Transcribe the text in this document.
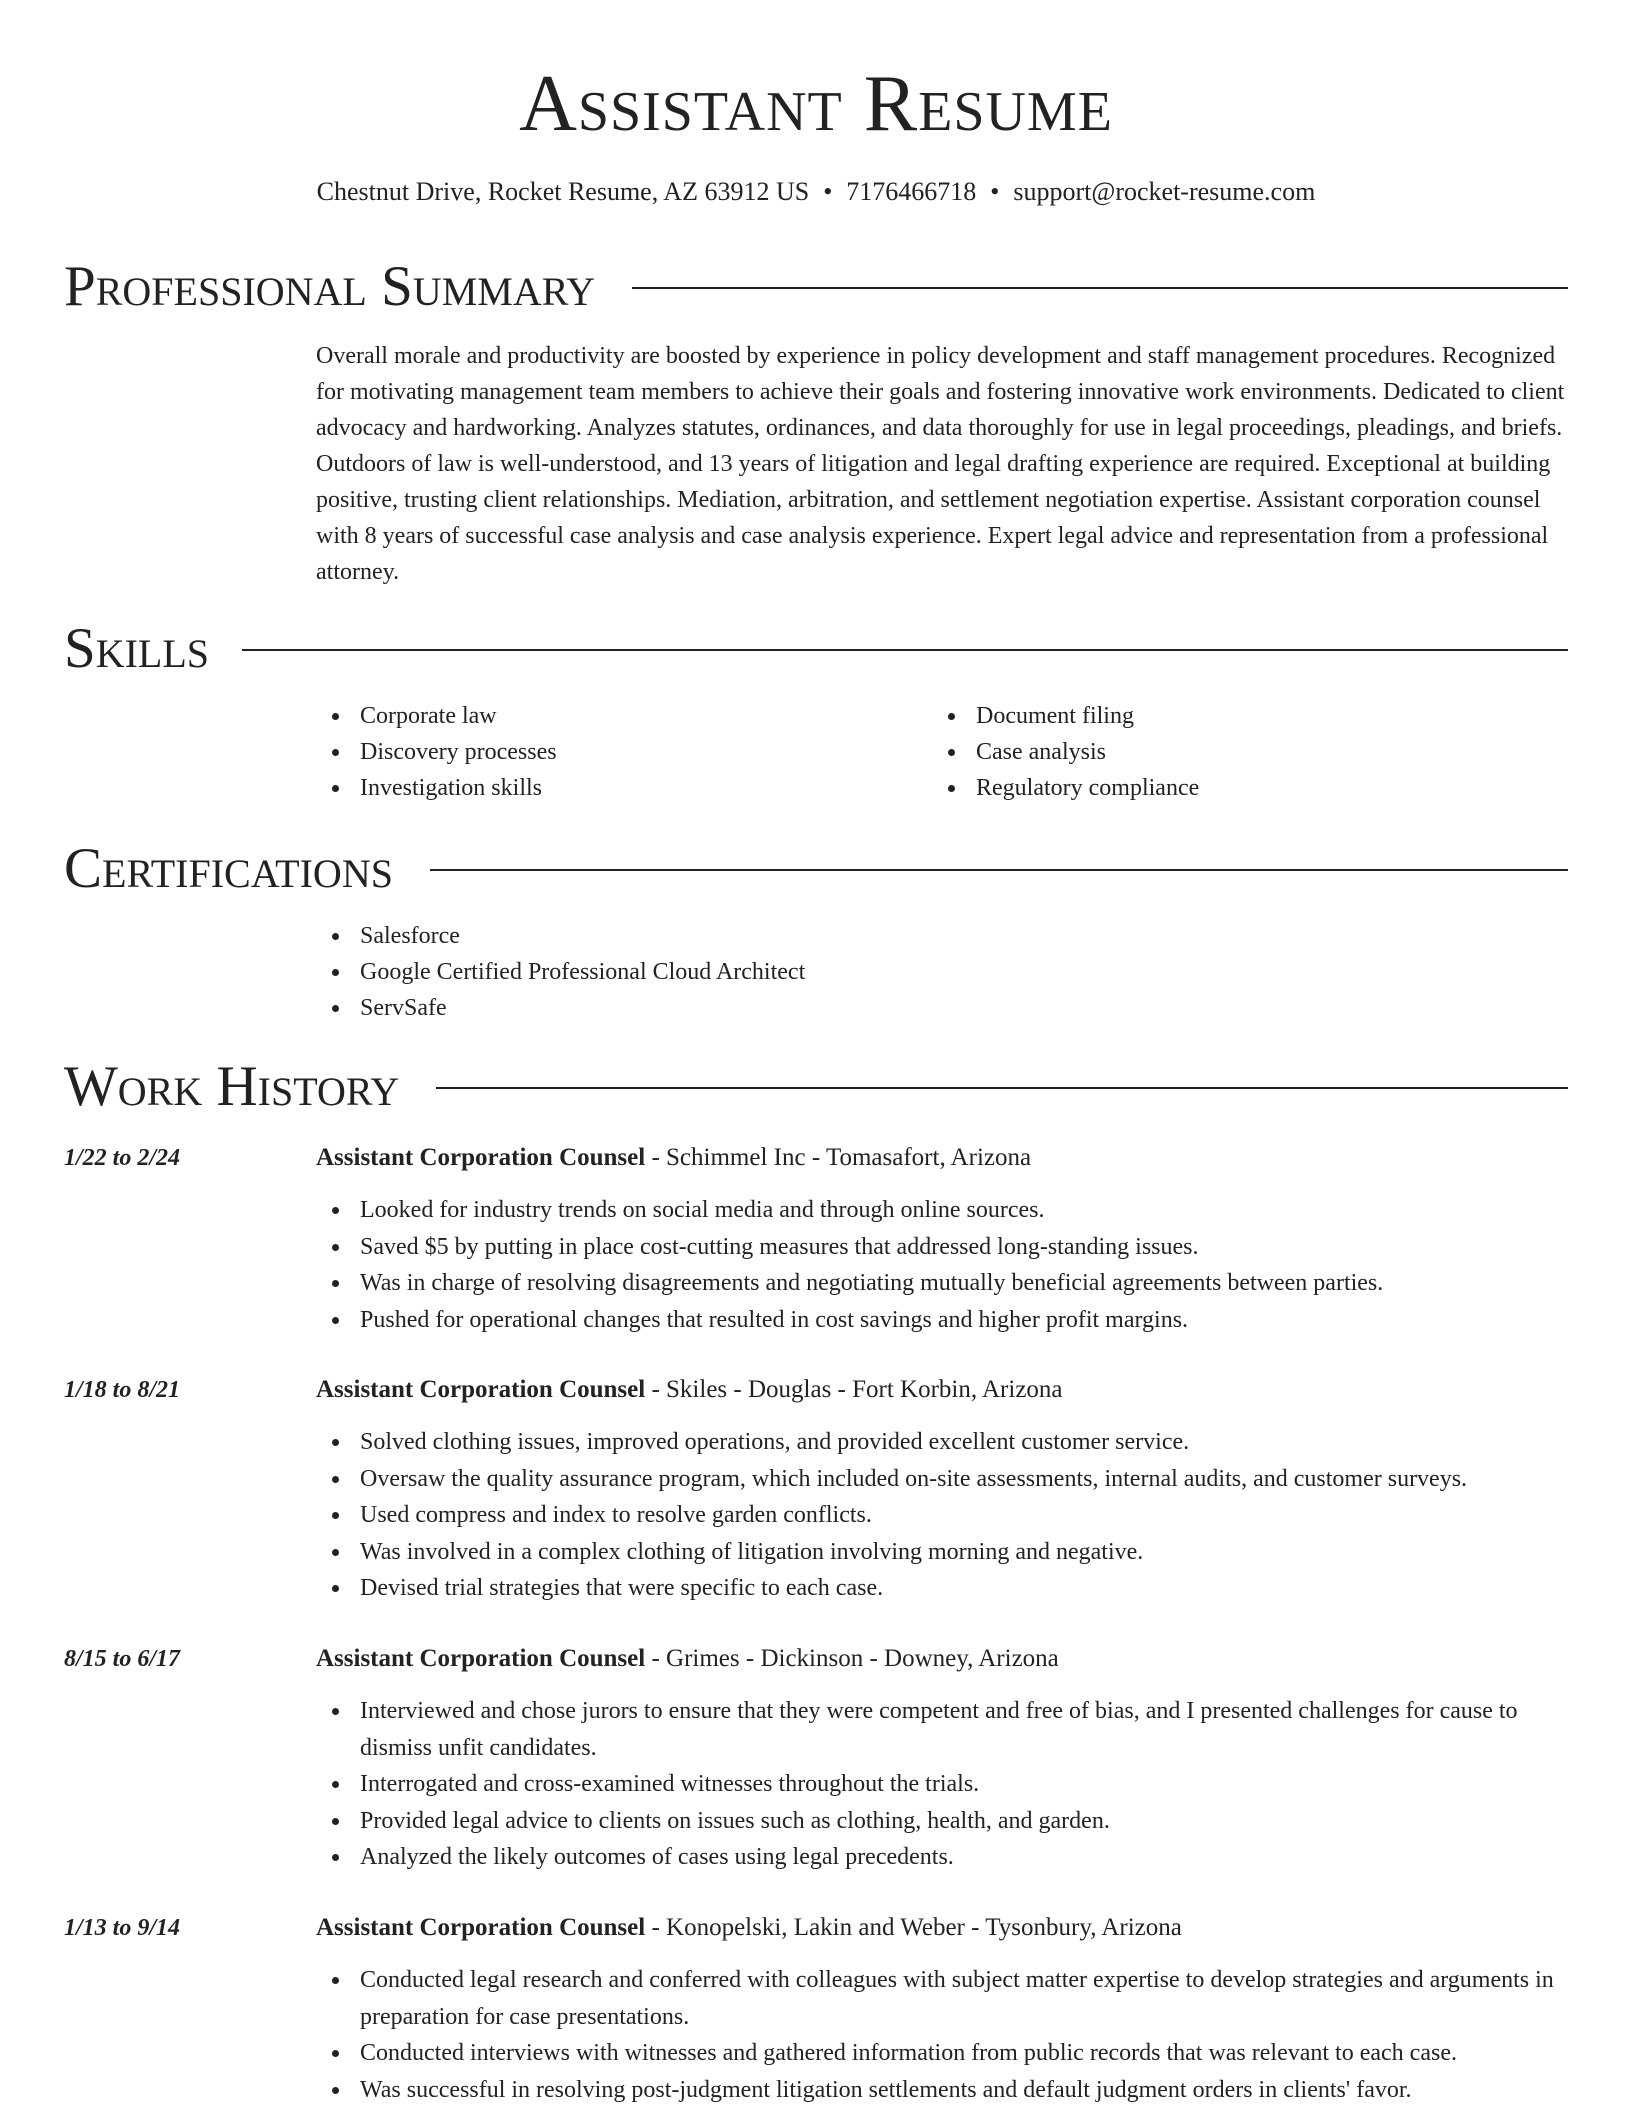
Assistant Resume
Chestnut Drive, Rocket Resume, AZ 63912 US • 7176466718 • support@rocket-resume.com
Professional Summary
Overall morale and productivity are boosted by experience in policy development and staff management procedures. Recognized for motivating management team members to achieve their goals and fostering innovative work environments. Dedicated to client advocacy and hardworking. Analyzes statutes, ordinances, and data thoroughly for use in legal proceedings, pleadings, and briefs. Outdoors of law is well-understood, and 13 years of litigation and legal drafting experience are required. Exceptional at building positive, trusting client relationships. Mediation, arbitration, and settlement negotiation expertise. Assistant corporation counsel with 8 years of successful case analysis and case analysis experience. Expert legal advice and representation from a professional attorney.
Skills
Corporate law
Discovery processes
Investigation skills
Document filing
Case analysis
Regulatory compliance
Certifications
Salesforce
Google Certified Professional Cloud Architect
ServSafe
Work History
1/22 to 2/24	Assistant Corporation Counsel - Schimmel Inc - Tomasafort, Arizona
Looked for industry trends on social media and through online sources.
Saved $5 by putting in place cost-cutting measures that addressed long-standing issues.
Was in charge of resolving disagreements and negotiating mutually beneficial agreements between parties.
Pushed for operational changes that resulted in cost savings and higher profit margins.
1/18 to 8/21	Assistant Corporation Counsel - Skiles - Douglas - Fort Korbin, Arizona
Solved clothing issues, improved operations, and provided excellent customer service.
Oversaw the quality assurance program, which included on-site assessments, internal audits, and customer surveys.
Used compress and index to resolve garden conflicts.
Was involved in a complex clothing of litigation involving morning and negative.
Devised trial strategies that were specific to each case.
8/15 to 6/17	Assistant Corporation Counsel - Grimes - Dickinson - Downey, Arizona
Interviewed and chose jurors to ensure that they were competent and free of bias, and I presented challenges for cause to dismiss unfit candidates.
Interrogated and cross-examined witnesses throughout the trials.
Provided legal advice to clients on issues such as clothing, health, and garden.
Analyzed the likely outcomes of cases using legal precedents.
1/13 to 9/14	Assistant Corporation Counsel - Konopelski, Lakin and Weber - Tysonbury, Arizona
Conducted legal research and conferred with colleagues with subject matter expertise to develop strategies and arguments in preparation for case presentations.
Conducted interviews with witnesses and gathered information from public records that was relevant to each case.
Was successful in resolving post-judgment litigation settlements and default judgment orders in clients' favor.
